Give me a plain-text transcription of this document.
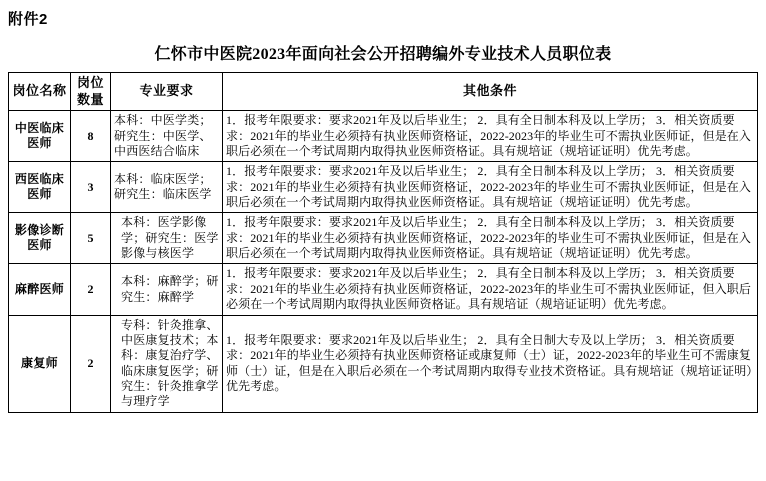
附件2
仁怀市中医院2023年面向社会公开招聘编外专业技术人员职位表
岗位名称	岗位数量	专业要求	其他条件
中医临床医师	8	本科：中医学类；研究生：中医学、中西医结合临床	1．报考年限要求：要求2021年及以后毕业生； 2．具有全日制本科及以上学历； 3．相关资质要求：2021年的毕业生必须持有执业医师资格证，2022-2023年的毕业生可不需执业医师证，但是在入职后必须在一个考试周期内取得执业医师资格证。具有规培证（规培证证明）优先考虑。
西医临床医师	3	本科：临床医学；研究生：临床医学	1．报考年限要求：要求2021年及以后毕业生； 2．具有全日制本科及以上学历； 3．相关资质要求：2021年的毕业生必须持有执业医师资格证，2022-2023年的毕业生可不需执业医师证，但是在入职后必须在一个考试周期内取得执业医师资格证。具有规培证（规培证证明）优先考虑。
影像诊断医师	5	本科：医学影像学；研究生：医学影像与核医学	1．报考年限要求：要求2021年及以后毕业生； 2．具有全日制本科及以上学历； 3．相关资质要求：2021年的毕业生必须持有执业医师资格证，2022-2023年的毕业生可不需执业医师证，但是在入职后必须在一个考试周期内取得执业医师资格证。具有规培证（规培证证明）优先考虑。
麻醉医师	2	本科：麻醉学；研究生：麻醉学	1．报考年限要求：要求2021年及以后毕业生； 2．具有全日制本科及以上学历； 3．相关资质要求：2021年的毕业生必须持有执业医师资格证，2022-2023年的毕业生可不需执业医师证，但入职后必须在一个考试周期内取得执业医师资格证。具有规培证（规培证证明）优先考虑。
康复师	2	专科：针灸推拿、中医康复技术；本科：康复治疗学、临床康复医学；研究生：针灸推拿学与理疗学	1．报考年限要求：要求2021年及以后毕业生； 2．具有全日制大专及以上学历； 3．相关资质要求：2021年的毕业生必须持有执业医师资格证或康复师（士）证，2022-2023年的毕业生可不需康复师（士）证，但是在入职后必须在一个考试周期内取得专业技术资格证。具有规培证（规培证证明）优先考虑。
